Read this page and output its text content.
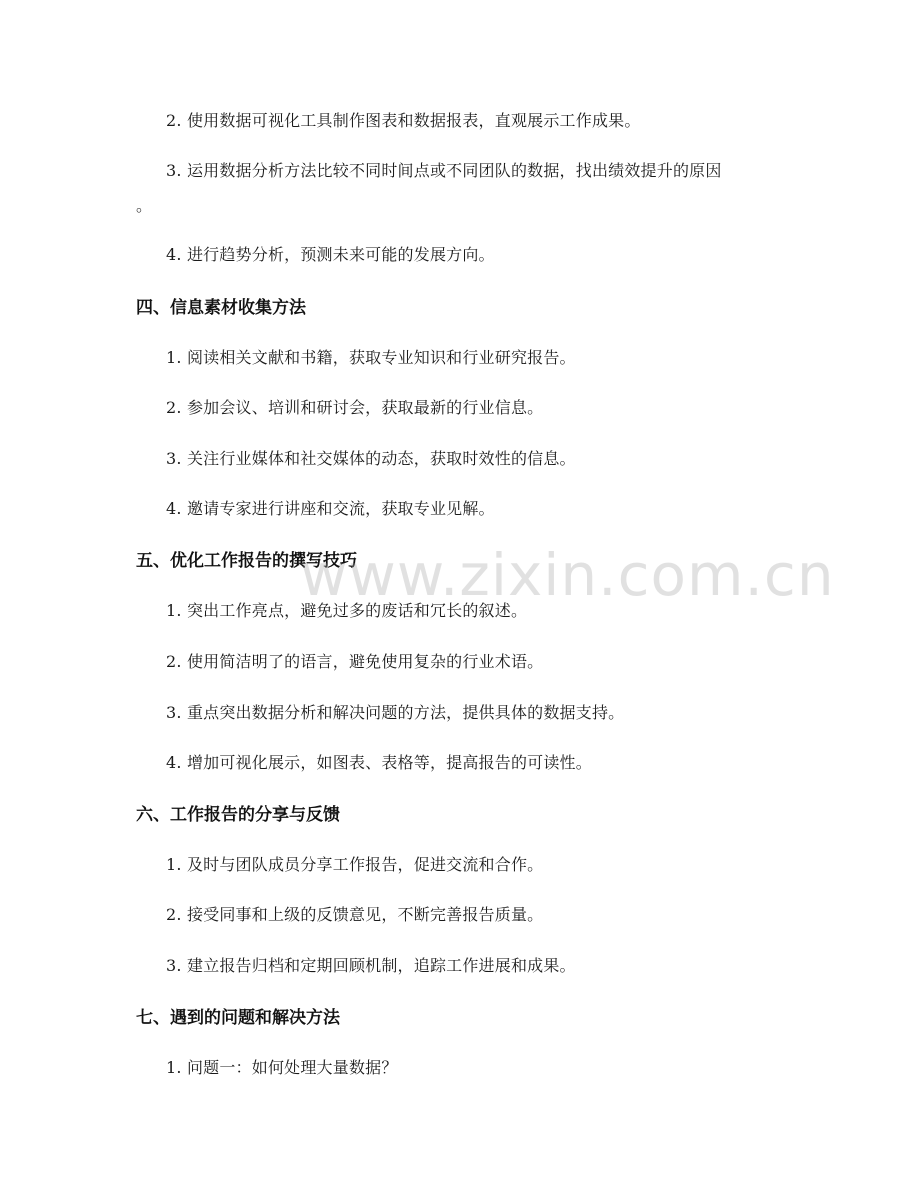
2. 使用数据可视化工具制作图表和数据报表，直观展示工作成果。
3. 运用数据分析方法比较不同时间点或不同团队的数据，找出绩效提升的原因
。
4. 进行趋势分析，预测未来可能的发展方向。
四、信息素材收集方法
1. 阅读相关文献和书籍，获取专业知识和行业研究报告。
2. 参加会议、培训和研讨会，获取最新的行业信息。
3. 关注行业媒体和社交媒体的动态，获取时效性的信息。
4. 邀请专家进行讲座和交流，获取专业见解。
五、优化工作报告的撰写技巧
1. 突出工作亮点，避免过多的废话和冗长的叙述。
2. 使用简洁明了的语言，避免使用复杂的行业术语。
3. 重点突出数据分析和解决问题的方法，提供具体的数据支持。
4. 增加可视化展示，如图表、表格等，提高报告的可读性。
六、工作报告的分享与反馈
1. 及时与团队成员分享工作报告，促进交流和合作。
2. 接受同事和上级的反馈意见，不断完善报告质量。
3. 建立报告归档和定期回顾机制，追踪工作进展和成果。
七、遇到的问题和解决方法
1. 问题一：如何处理大量数据？
www.zixin.com.cn
